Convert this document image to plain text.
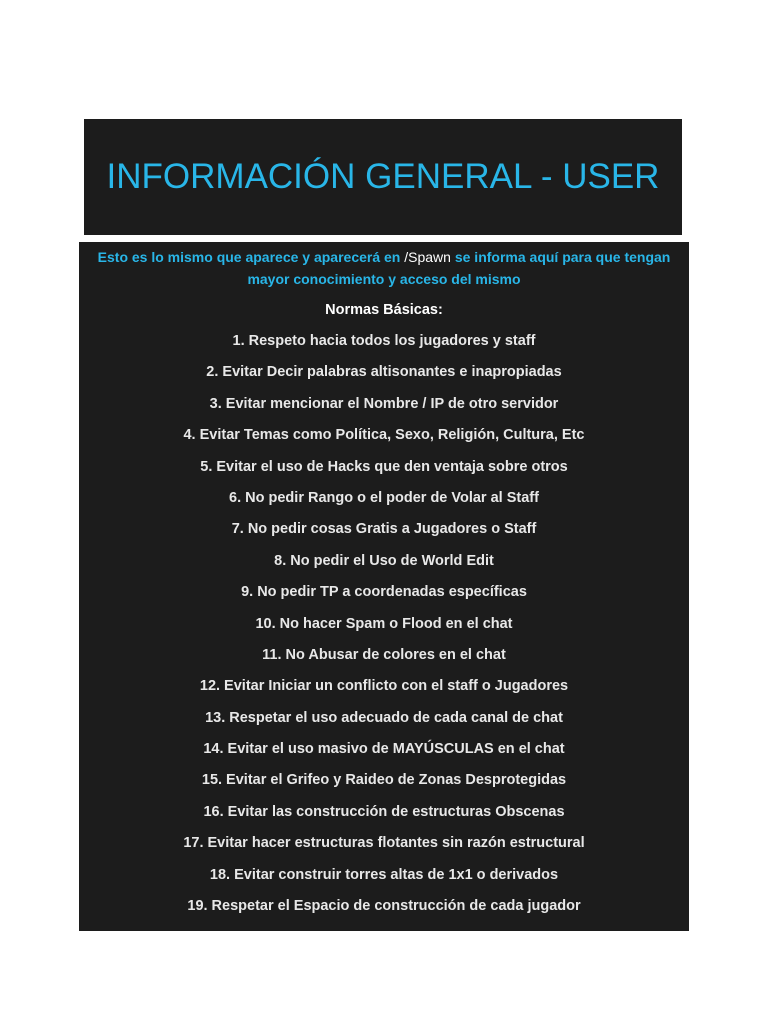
INFORMACIÓN GENERAL - USER

Esto es lo mismo que aparece y aparecerá en /Spawn se informa aquí para que tengan mayor conocimiento y acceso del mismo

Normas Básicas:
1. Respeto hacia todos los jugadores y staff
2. Evitar Decir palabras altisonantes e inapropiadas
3. Evitar mencionar el Nombre / IP de otro servidor
4. Evitar Temas como Política, Sexo, Religión, Cultura, Etc
5. Evitar el uso de Hacks que den ventaja sobre otros
6. No pedir Rango o el poder de Volar al Staff
7. No pedir cosas Gratis a Jugadores o Staff
8. No pedir el Uso de World Edit
9. No pedir TP a coordenadas específicas
10. No hacer Spam o Flood en el chat
11. No Abusar de colores en el chat
12. Evitar Iniciar un conflicto con el staff o Jugadores
13. Respetar el uso adecuado de cada canal de chat
14. Evitar el uso masivo de MAYÚSCULAS en el chat
15. Evitar el Grifeo y Raideo de Zonas Desprotegidas
16. Evitar las construcción de estructuras Obscenas
17. Evitar hacer estructuras flotantes sin razón estructural
18. Evitar construir torres altas de 1x1 o derivados
19. Respetar el Espacio de construcción de cada jugador
